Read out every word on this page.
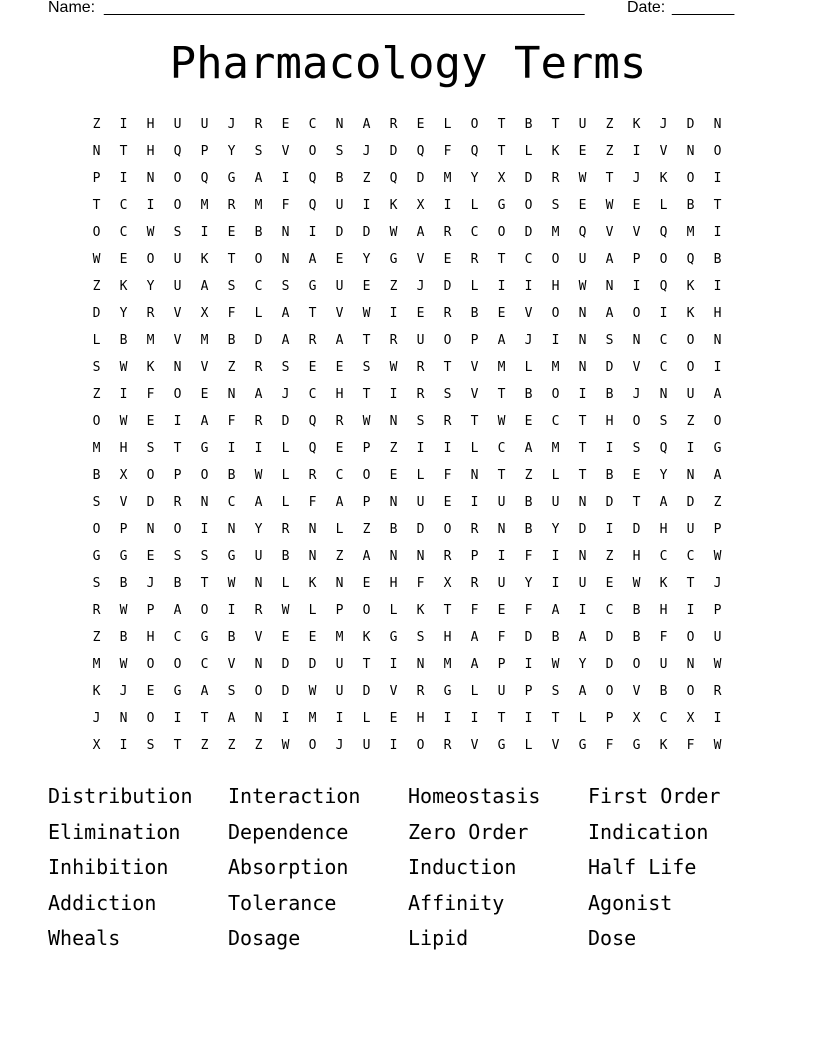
Name: ______________________________________________________	Date: _______
Pharmacology Terms
Z	I	H	U	U	J	R	E	C	N	A	R	E	L	O	T	B	T	U	Z	K	J	D	N
N	T	H	Q	P	Y	S	V	O	S	J	D	Q	F	Q	T	L	K	E	Z	I	V	N	O
P	I	N	O	Q	G	A	I	Q	B	Z	Q	D	M	Y	X	D	R	W	T	J	K	O	I
T	C	I	O	M	R	M	F	Q	U	I	K	X	I	L	G	O	S	E	W	E	L	B	T
O	C	W	S	I	E	B	N	I	D	D	W	A	R	C	O	D	M	Q	V	V	Q	M	I
W	E	O	U	K	T	O	N	A	E	Y	G	V	E	R	T	C	O	U	A	P	O	Q	B
Z	K	Y	U	A	S	C	S	G	U	E	Z	J	D	L	I	I	H	W	N	I	Q	K	I
D	Y	R	V	X	F	L	A	T	V	W	I	E	R	B	E	V	O	N	A	O	I	K	H
L	B	M	V	M	B	D	A	R	A	T	R	U	O	P	A	J	I	N	S	N	C	O	N
S	W	K	N	V	Z	R	S	E	E	S	W	R	T	V	M	L	M	N	D	V	C	O	I
Z	I	F	O	E	N	A	J	C	H	T	I	R	S	V	T	B	O	I	B	J	N	U	A
O	W	E	I	A	F	R	D	Q	R	W	N	S	R	T	W	E	C	T	H	O	S	Z	O
M	H	S	T	G	I	I	L	Q	E	P	Z	I	I	L	C	A	M	T	I	S	Q	I	G
B	X	O	P	O	B	W	L	R	C	O	E	L	F	N	T	Z	L	T	B	E	Y	N	A
S	V	D	R	N	C	A	L	F	A	P	N	U	E	I	U	B	U	N	D	T	A	D	Z
O	P	N	O	I	N	Y	R	N	L	Z	B	D	O	R	N	B	Y	D	I	D	H	U	P
G	G	E	S	S	G	U	B	N	Z	A	N	N	R	P	I	F	I	N	Z	H	C	C	W
S	B	J	B	T	W	N	L	K	N	E	H	F	X	R	U	Y	I	U	E	W	K	T	J
R	W	P	A	O	I	R	W	L	P	O	L	K	T	F	E	F	A	I	C	B	H	I	P
Z	B	H	C	G	B	V	E	E	M	K	G	S	H	A	F	D	B	A	D	B	F	O	U
M	W	O	O	C	V	N	D	D	U	T	I	N	M	A	P	I	W	Y	D	O	U	N	W
K	J	E	G	A	S	O	D	W	U	D	V	R	G	L	U	P	S	A	O	V	B	O	R
J	N	O	I	T	A	N	I	M	I	L	E	H	I	I	T	I	T	L	P	X	C	X	I
X	I	S	T	Z	Z	Z	W	O	J	U	I	O	R	V	G	L	V	G	F	G	K	F	W
Distribution	Interaction	Homeostasis	First Order
Elimination	Dependence	Zero Order	Indication
Inhibition	Absorption	Induction	Half Life
Addiction	Tolerance	Affinity	Agonist
Wheals	Dosage	Lipid	Dose
